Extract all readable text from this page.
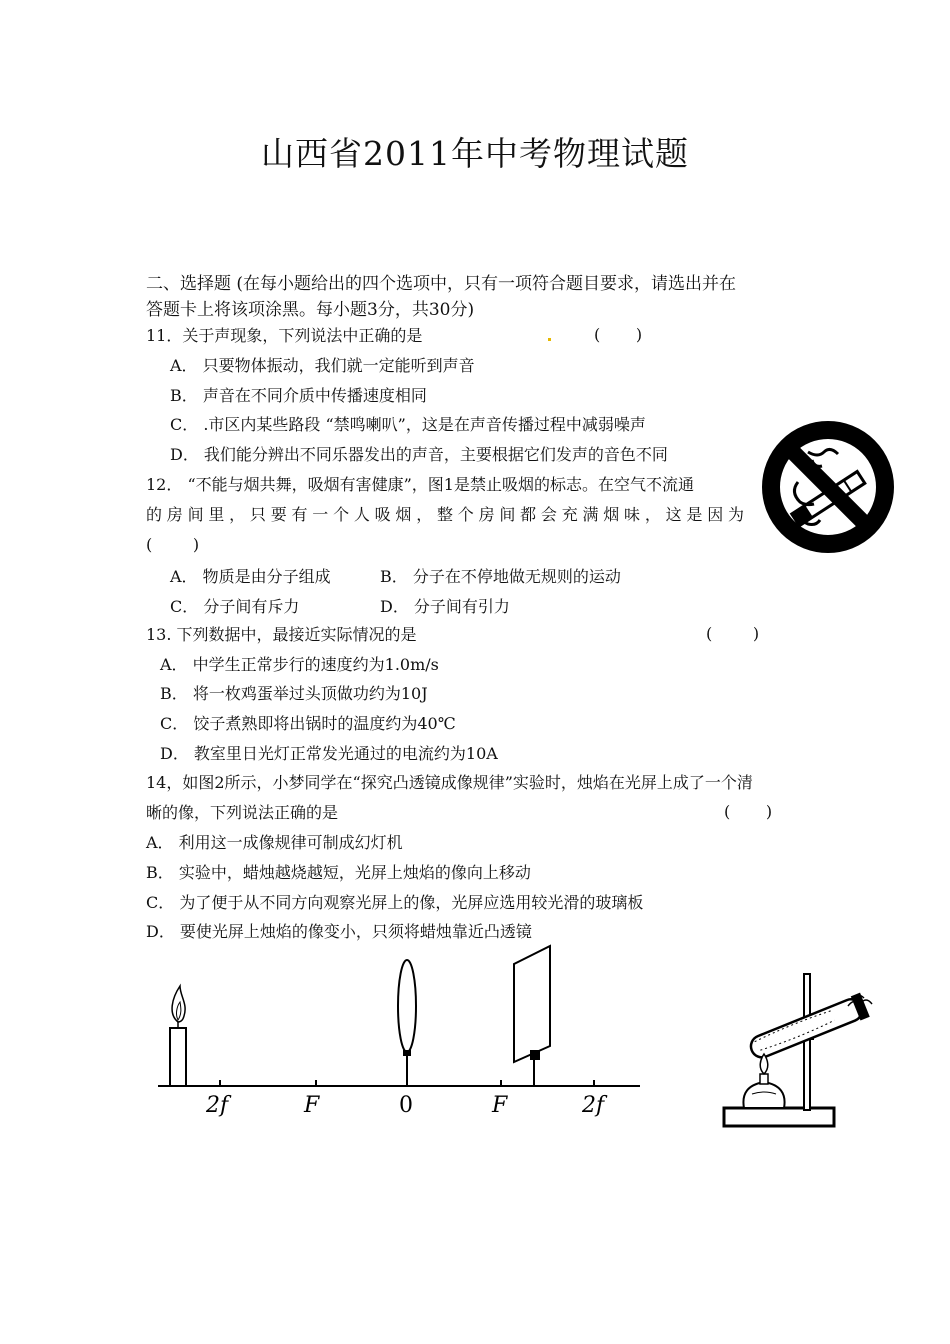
山西省2011年中考物理试题
二、选择题 (在每小题给出的四个选项中，只有一项符合题目要求，请选出并在
答题卡上将该项涂黑。每小题3分，共30分)
11．关于声现象，下列说法中正确的是	(       )
A． 只要物体振动，我们就一定能听到声音
B． 声音在不同介质中传播速度相同
C． .市区内某些路段 “禁鸣喇叭”，这是在声音传播过程中减弱噪声
D． 我们能分辨出不同乐器发出的声音，主要根据它们发声的音色不同
12． “不能与烟共舞，吸烟有害健康”，图1是禁止吸烟的标志。在空气不流通
的房间里，只要有一个人吸烟，整个房间都会充满烟味，这是因为
(        )
A． 物质是由分子组成	B． 分子在不停地做无规则的运动
C． 分子间有斥力	D． 分子间有引力
13. 下列数据中，最接近实际情况的是	(        )
A． 中学生正常步行的速度约为1.0m/s
B． 将一枚鸡蛋举过头顶做功约为10J
C． 饺子煮熟即将出锅时的温度约为40℃
D． 教室里日光灯正常发光通过的电流约为10A
14，如图2所示，小梦同学在“探究凸透镜成像规律”实验时，烛焰在光屏上成了一个清
晰的像，下列说法正确的是	(       )
A． 利用这一成像规律可制成幻灯机
B． 实验中，蜡烛越烧越短，光屏上烛焰的像向上移动
C． 为了便于从不同方向观察光屏上的像，光屏应选用较光滑的玻璃板
D． 要使光屏上烛焰的像变小，只须将蜡烛靠近凸透镜
2f	F	0	F	2f
